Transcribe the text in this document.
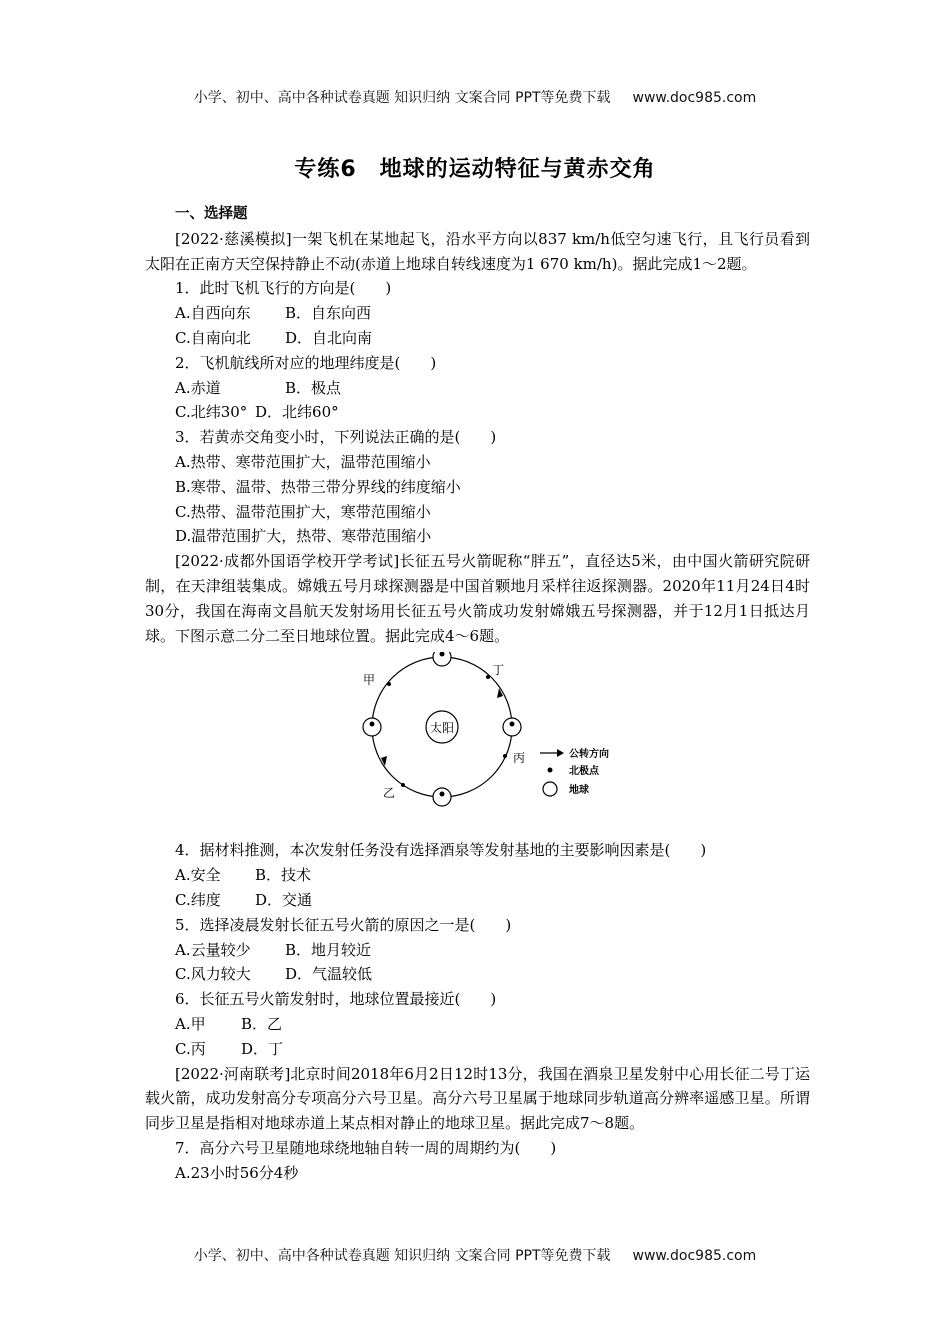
小学、初中、高中各种试卷真题 知识归纳 文案合同 PPT等免费下载 www.doc985.com
专练6　地球的运动特征与黄赤交角
一、选择题
[2022·慈溪模拟]一架飞机在某地起飞，沿水平方向以837 km/h低空匀速飞行，且飞行员看到太阳在正南方天空保持静止不动(赤道上地球自转线速度为1 670 km/h)。据此完成1～2题。
1．此时飞机飞行的方向是(　　)
A.自西向东 B．自东向西
C.自南向北 D．自北向南
2．飞机航线所对应的地理纬度是(　　)
A.赤道	B．极点
C.北纬30° D．北纬60°
3．若黄赤交角变小时，下列说法正确的是(　　)
A.热带、寒带范围扩大，温带范围缩小
B.寒带、温带、热带三带分界线的纬度缩小
C.热带、温带范围扩大，寒带范围缩小
D.温带范围扩大，热带、寒带范围缩小
[2022·成都外国语学校开学考试]长征五号火箭昵称“胖五”，直径达5米，由中国火箭研究院研制，在天津组装集成。嫦娥五号月球探测器是中国首颗地月采样往返探测器。2020年11月24日4时30分，我国在海南文昌航天发射场用长征五号火箭成功发射嫦娥五号探测器，并于12月1日抵达月球。下图示意二分二至日地球位置。据此完成4～6题。
太阳
甲
丁
丙
乙
公转方向
北极点
地球
4．据材料推测，本次发射任务没有选择酒泉等发射基地的主要影响因素是(　　)
A.安全 B．技术
C.纬度 D．交通
5．选择凌晨发射长征五号火箭的原因之一是(　　)
A.云量较少 B．地月较近
C.风力较大 D．气温较低
6．长征五号火箭发射时，地球位置最接近(　　)
A.甲 B．乙
C.丙 D．丁
[2022·河南联考]北京时间2018年6月2日12时13分，我国在酒泉卫星发射中心用长征二号丁运载火箭，成功发射高分专项高分六号卫星。高分六号卫星属于地球同步轨道高分辨率遥感卫星。所谓同步卫星是指相对地球赤道上某点相对静止的地球卫星。据此完成7～8题。
7．高分六号卫星随地球绕地轴自转一周的周期约为(　　)
A.23小时56分4秒
小学、初中、高中各种试卷真题 知识归纳 文案合同 PPT等免费下载 www.doc985.com
